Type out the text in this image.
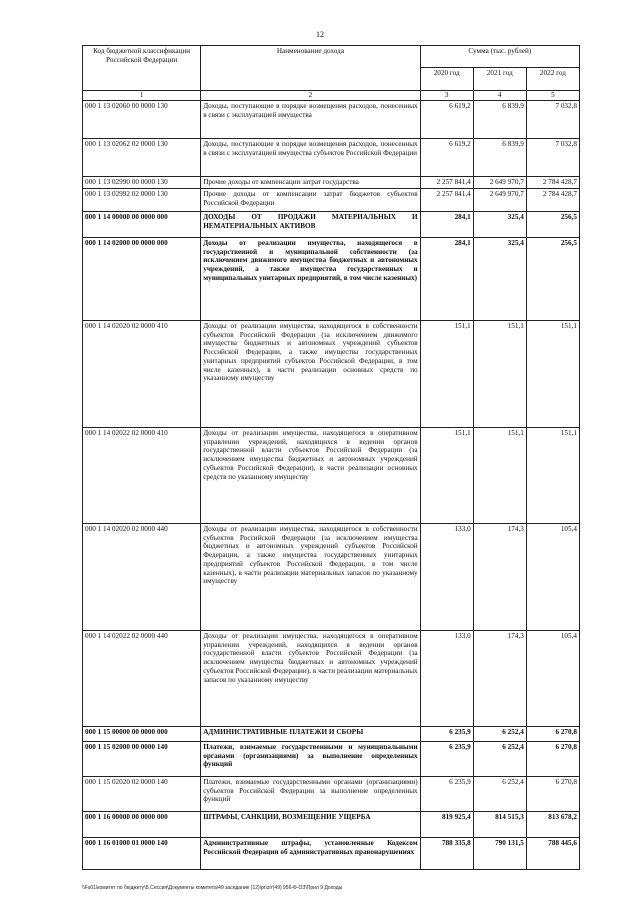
12
Код бюджетной классификации Российской Федерации	Наименование дохода	Сумма (тыс. рублей)		
		2020 год	2021 год	2022 год
1	2	3	4	5
000 1 13 02060 00 0000 130	Доходы, поступающие в порядке возмещения расходов, понесенных в связи с эксплуатацией имущества	6 619,2	6 839,9	7 032,8
000 1 13 02062 02 0000 130	Доходы, поступающие в порядке возмещения расходов, понесенных в связи с эксплуатацией имущества субъектов Российской Федерации	6 619,2	6 839,9	7 032,8
000 1 13 02990 00 0000 130	Прочие доходы от компенсации затрат государства	2 257 841,4	2 649 970,7	2 784 428,7
000 1 13 02992 02 0000 130	Прочие доходы от компенсации затрат бюджетов субъектов Российской Федерации	2 257 841,4	2 649 970,7	2 784 428,7
000 1 14 00000 00 0000 000	ДОХОДЫ ОТ ПРОДАЖИ МАТЕРИАЛЬНЫХ И НЕМАТЕРИАЛЬНЫХ АКТИВОВ	284,1	325,4	256,5
000 1 14 02000 00 0000 000	Доходы от реализации имущества, находящегося в государственной и муниципальной собственности (за исключением движимого имущества бюджетных и автономных учреждений, а также имущества государственных и муниципальных унитарных предприятий, в том числе казенных)	284,1	325,4	256,5
000 1 14 02020 02 0000 410	Доходы от реализации имущества, находящегося в собственности субъектов Российской Федерации (за исключением движимого имущества бюджетных и автономных учреждений субъектов Российской Федерации, а также имущества государственных унитарных предприятий субъектов Российской Федерации, в том числе казенных), в части реализации основных средств по указанному имуществу	151,1	151,1	151,1
000 1 14 02022 02 0000 410	Доходы от реализации имущества, находящегося в оперативном управлении учреждений, находящихся в ведении органов государственной власти субъектов Российской Федерации (за исключением имущества бюджетных и автономных учреждений субъектов Российской Федерации), в части реализации основных средств по указанному имуществу	151,1	151,1	151,1
000 1 14 02020 02 0000 440	Доходы от реализации имущества, находящегося в собственности субъектов Российской Федерации (за исключением имущества бюджетных и автономных учреждений субъектов Российской Федерации, а также имущества государственных унитарных предприятий субъектов Российской Федерации, в том числе казенных), в части реализации материальных запасов по указанному имуществу	133,0	174,3	105,4
000 1 14 02022 02 0000 440	Доходы от реализации имущества, находящегося в оперативном управлении учреждений, находящихся в ведении органов государственной власти субъектов Российской Федерации (за исключением имущества бюджетных и автономных учреждений субъектов Российской Федерации), в части реализации материальных запасов по указанному имуществу	133,0	174,3	105,4
000 1 15 00000 00 0000 000	АДМИНИСТРАТИВНЫЕ ПЛАТЕЖИ И СБОРЫ	6 235,9	6 252,4	6 270,8
000 1 15 02000 00 0000 140	Платежи, взимаемые государственными и муниципальными органами (организациями) за выполнение определенных функций	6 235,9	6 252,4	6 270,8
000 1 15 02020 02 0000 140	Платежи, взимаемые государственными органами (организациями) субъектов Российской Федерации за выполнение определенных функций	6 235,9	6 252,4	6 270,8
000 1 16 00000 00 0000 000	ШТРАФЫ, САНКЦИИ, ВОЗМЕЩЕНИЕ УЩЕРБА	819 925,4	814 515,3	813 678,2
000 1 16 01000 01 0000 140	Административные штрафы, установленные Кодексом Российской Федерации об административных правонарушениях	788 335,8	790 131,5	788 445,6
\\Fs01\комитет по бюджету\Б.Сессия\Документы комитета\49 заседание (12)\pr\zrr(49) 956-Ф-ОЗ\Прил 9 Доходы
